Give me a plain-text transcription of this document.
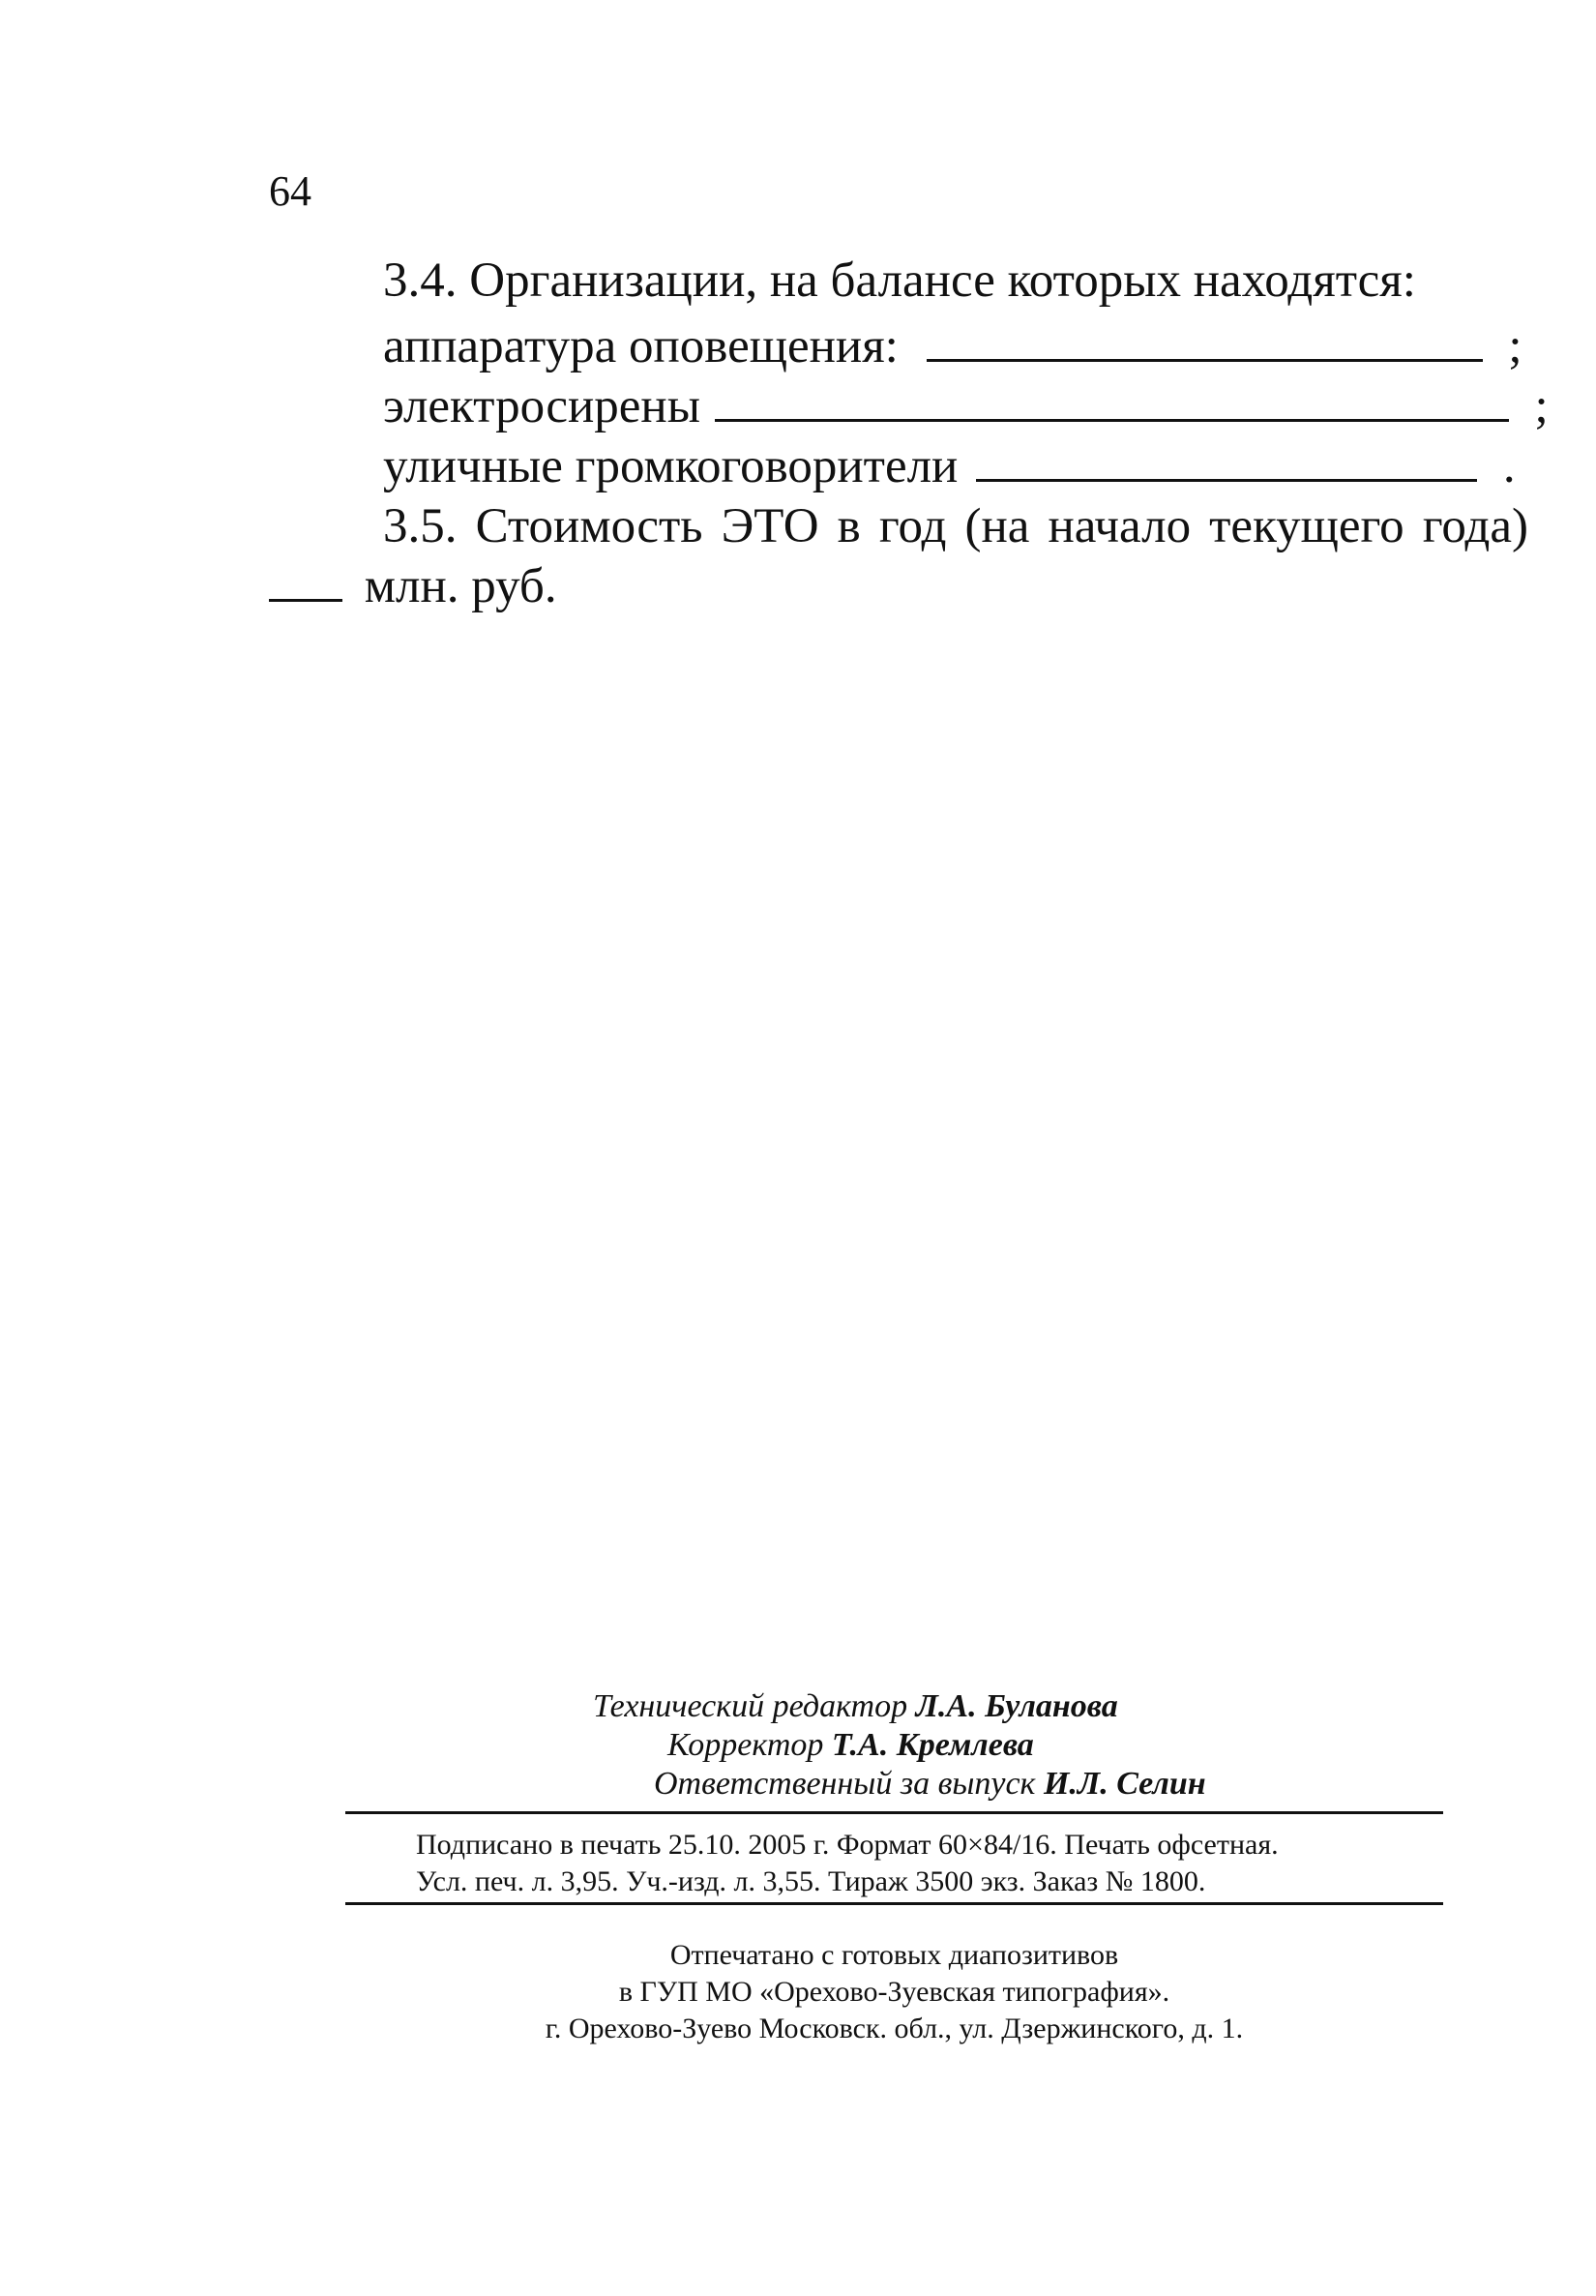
64
3.4. Организации, на балансе которых находятся:
аппаратура оповещения:	;
электросирены	;
уличные громкоговорители	.
3.5. Стоимость ЭТО в год (на начало текущего года)
млн. руб.
Технический редактор Л.А. Буланова
Корректор Т.А. Кремлева
Ответственный за выпуск И.Л. Селин
Подписано в печать 25.10. 2005 г. Формат 60×84/16. Печать офсетная.
Усл. печ. л. 3,95. Уч.-изд. л. 3,55. Тираж 3500 экз. Заказ № 1800.
Отпечатано с готовых диапозитивов
в ГУП МО «Орехово-Зуевская типография».
г. Орехово-Зуево Московск. обл., ул. Дзержинского, д. 1.
